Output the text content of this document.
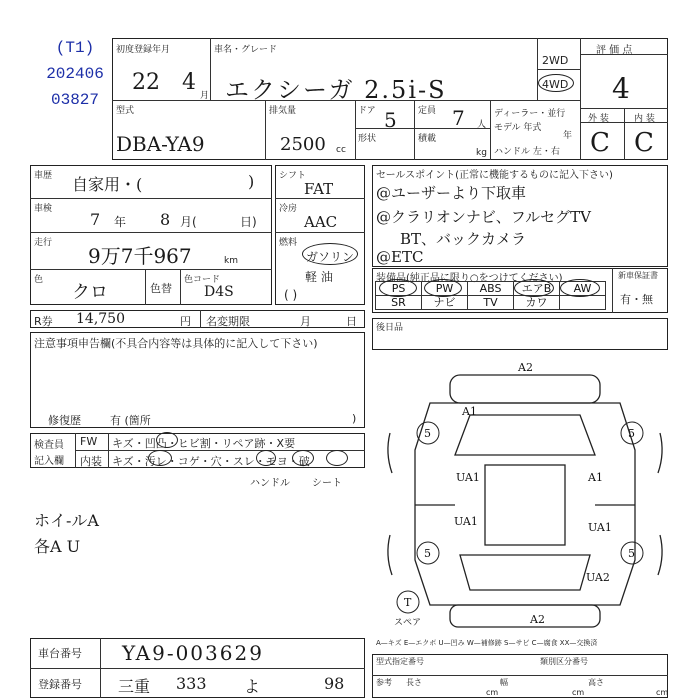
(T1)
202406
03827
初度登録年月	車名・グレード
22 4
月 エクシーガ 2.5i-S
2WD
4WD
評 価 点
4
外 装	内 装
C C
型式
DBA-YA9
排気量
2500 cc
ドア 5
形状
定員 7 人
積載
kg
ディーラー・並行
モデル 年式
年
ハンドル 左・右
車歴 自家用・(	)
車検
7 年 8 月(	日)
走行
9万7千967	km
色
クロ	色替
色コード
D4S
シフト
FAT
冷房
AAC
燃料
ガソリン
軽 油
( )
セールスポイント(正常に機能するものに記入下さい)
@ユーザーより下取車
@クラリオンナビ、フルセグTV
BT、バックカメラ
@ETC
装備品(純正品に限り○をつけてください)	新車保証書
有・無
PS	PW	ABS	エアB	AW
SR	ナビ	TV	カワ
R券 14,750	円 名変期限	月	日 後日品
注意事項申告欄(不具合内容等は具体的に記入して下さい)
修復歴	有 (箇所	)
検査員
記入欄
FW キズ・凹凸・ヒビ割・リペア跡・X要
内装 キズ・汚レ・コゲ・穴・スレ・モヨ・破
ハンドル シート
ホイ-ルA
各A U
A2
A1
5	5
UA1	A1
UA1	UA1
5	5
UA2
A2
T
スペア
A—キズ E—エクボ U—凹み W—補修跡 S—サビ C—腐食 XX—交換済
車台番号 YA9-003629
登録番号 三重 333 よ	98
型式指定番号	類別区分番号
参考 長さ	幅	高さ
cm	cm	cm
